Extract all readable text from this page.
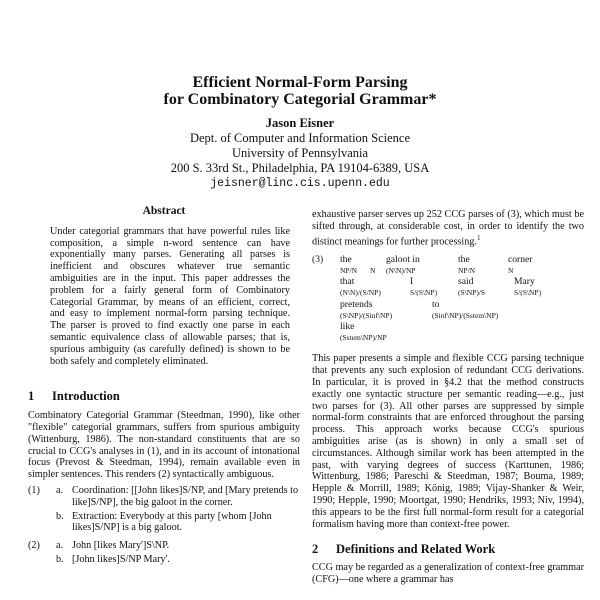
Efficient Normal-Form Parsing
for Combinatory Categorial Grammar*
Jason Eisner
Dept. of Computer and Information Science
University of Pennsylvania
200 S. 33rd St., Philadelphia, PA 19104-6389, USA
jeisner@linc.cis.upenn.edu
Abstract

Under categorial grammars that have powerful rules like composition, a simple n-word sentence can have exponentially many parses. Generating all parses is inefficient and obscures whatever true semantic ambiguities are in the input. This paper addresses the problem for a fairly general form of Combinatory Categorial Grammar, by means of an efficient, correct, and easy to implement normal-form parsing technique. The parser is proved to find exactly one parse in each semantic equivalence class of allowable parses; that is, spurious ambiguity (as carefully defined) is shown to be both safely and completely eliminated.

1 Introduction

Combinatory Categorial Grammar (Steedman, 1990), like other "flexible" categorial grammars, suffers from spurious ambiguity (Wittenburg, 1986). The non-standard constituents that are so crucial to CCG's analyses in (1), and in its account of intonational focus (Prevost & Steedman, 1994), remain available even in simpler sentences. This renders (2) syntactically ambiguous.

(1)	a. Coordination: [[John likes]S/NP, and [Mary pretends to like]S/NP], the big galoot in the corner.
b. Extraction: Everybody at this party [whom [John likes]S/NP] is a big galoot.
(2)	a. John [likes Mary']S\NP.
b. [John likes]S/NP Mary'.

exhaustive parser serves up 252 CCG parses of (3), which must be sifted through, at considerable cost, in order to identify the two distinct meanings for further processing.$^1$

(3)	the	galoot in	the	corner
NP/N	N	(N\N)/NP	NP/N	N
that	I	said	Mary
(N\N)/(S/NP)	S/(S\NP)	(S\NP)/S	S/(S\NP)
pretends	to
(S\NP)/(Sinf\NP)	(Sinf\NP)/(Sstem\NP)
like
(Sstem\NP)/NP

This paper presents a simple and flexible CCG parsing technique that prevents any such explosion of redundant CCG derivations. In particular, it is proved in §4.2 that the method constructs exactly one syntactic structure per semantic reading—e.g., just two parses for (3). All other parses are suppressed by simple normal-form constraints that are enforced throughout the parsing process. This approach works because CCG's spurious ambiguities arise (as is shown) in only a small set of circumstances. Although similar work has been attempted in the past, with varying degrees of success (Karttunen, 1986; Wittenburg, 1986; Pareschi & Steedman, 1987; Bouma, 1989; Hepple & Morrill, 1989; König, 1989; Vijay-Shanker & Weir, 1990; Hepple, 1990; Moortgat, 1990; Hendriks, 1993; Niv, 1994), this appears to be the first full normal-form result for a categorial formalism having more than context-free power.

2 Definitions and Related Work

CCG may be regarded as a generalization of context-free grammar (CFG)—one where a grammar has
